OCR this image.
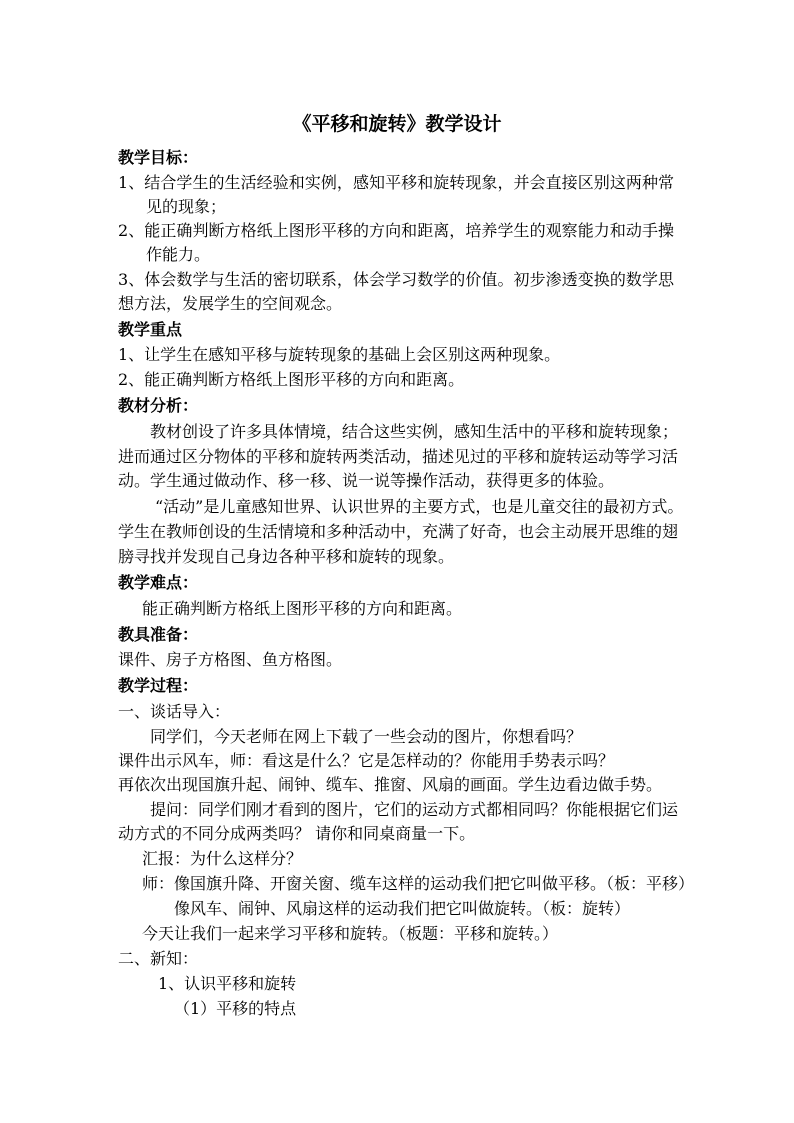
《平移和旋转》教学设计
教学目标：
1、结合学生的生活经验和实例，感知平移和旋转现象，并会直接区别这两种常
见的现象；
2、能正确判断方格纸上图形平移的方向和距离，培养学生的观察能力和动手操
作能力。
3、体会数学与生活的密切联系，体会学习数学的价值。初步渗透变换的数学思
想方法，发展学生的空间观念。
教学重点
1、让学生在感知平移与旋转现象的基础上会区别这两种现象。
2、能正确判断方格纸上图形平移的方向和距离。
教材分析：
教材创设了许多具体情境，结合这些实例，感知生活中的平移和旋转现象；
进而通过区分物体的平移和旋转两类活动，描述见过的平移和旋转运动等学习活
动。学生通过做动作、移一移、说一说等操作活动，获得更多的体验。
“活动”是儿童感知世界、认识世界的主要方式，也是儿童交往的最初方式。
学生在教师创设的生活情境和多种活动中，充满了好奇，也会主动展开思维的翅
膀寻找并发现自己身边各种平移和旋转的现象。
教学难点：
能正确判断方格纸上图形平移的方向和距离。
教具准备：
课件、房子方格图、鱼方格图。
教学过程：
一、谈话导入：
同学们，今天老师在网上下载了一些会动的图片，你想看吗？
课件出示风车，师：看这是什么？它是怎样动的？你能用手势表示吗？
再依次出现国旗升起、闹钟、缆车、推窗、风扇的画面。学生边看边做手势。
提问：同学们刚才看到的图片，它们的运动方式都相同吗？你能根据它们运
动方式的不同分成两类吗？ 请你和同桌商量一下。
汇报：为什么这样分？
师：像国旗升降、开窗关窗、缆车这样的运动我们把它叫做平移。（板：平移）
像风车、闹钟、风扇这样的运动我们把它叫做旋转。（板：旋转）
今天让我们一起来学习平移和旋转。（板题：平移和旋转。）
二、新知：
1、认识平移和旋转
（1）平移的特点
